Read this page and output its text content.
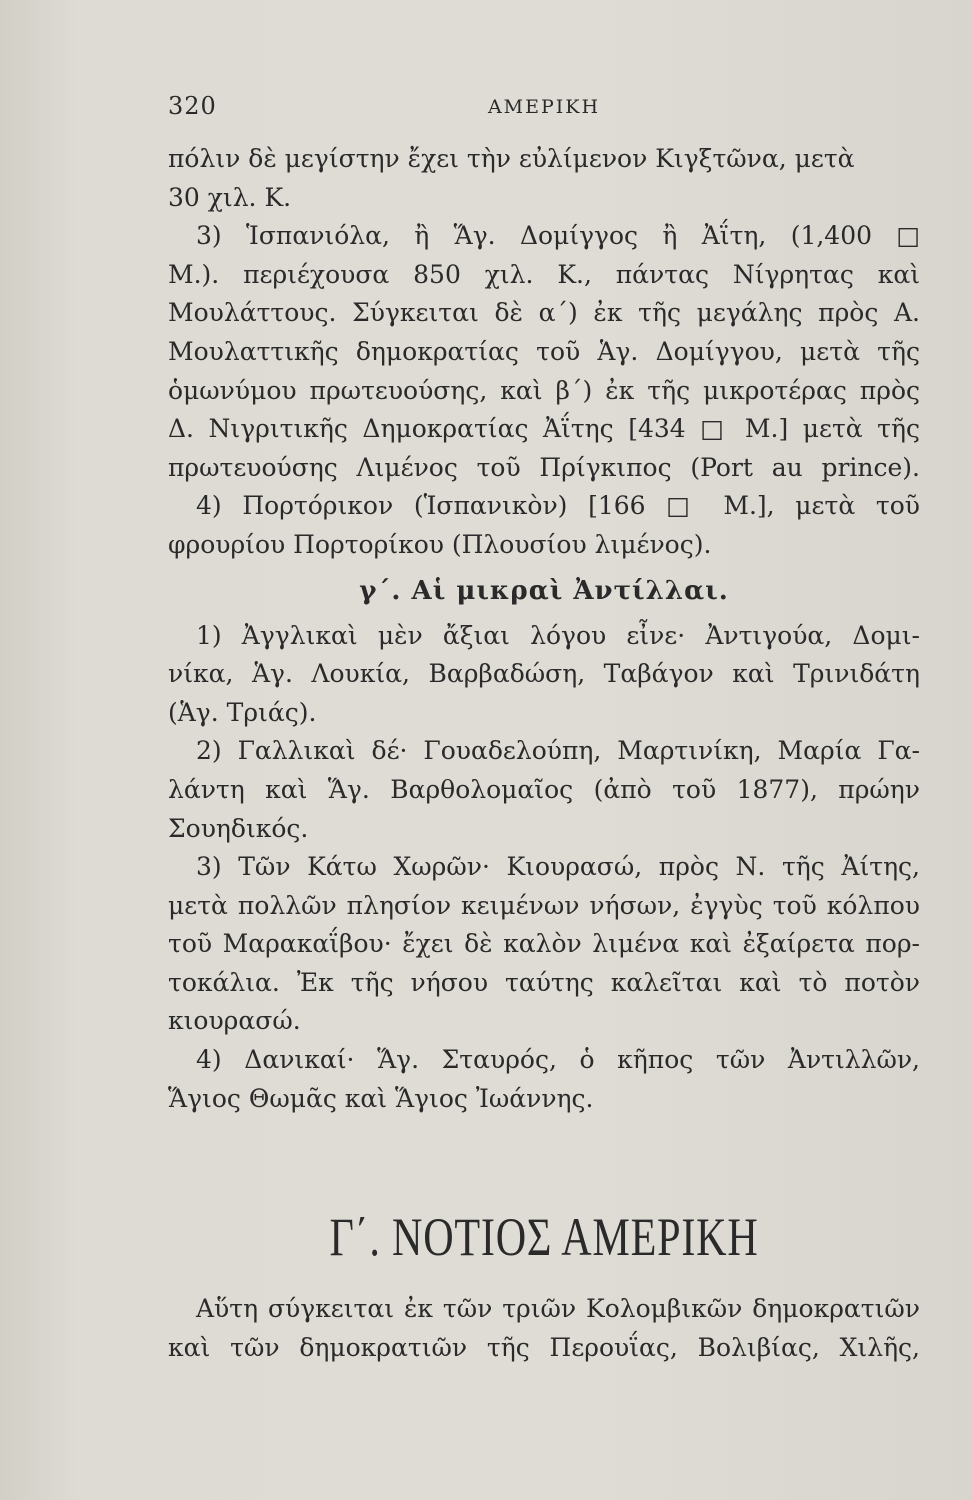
320	ΑΜΕΡΙΚΗ
πόλιν δὲ μεγίστην ἔχει τὴν εὐλίμενον Κιγξτῶνα, μετὰ
30 χιλ. Κ.
3) Ἱσπανιόλα, ἢ Ἅγ. Δομίγγος ἢ Ἀΐτη, (1,400 □
Μ.). περιέχουσα 850 χιλ. Κ., πάντας Νίγρητας καὶ
Μουλάττους. Σύγκειται δὲ α΄) ἐκ τῆς μεγάλης πρὸς Α.
Μουλαττικῆς δημοκρατίας τοῦ Ἁγ. Δομίγγου, μετὰ τῆς
ὁμωνύμου πρωτευούσης, καὶ β΄) ἐκ τῆς μικροτέρας πρὸς
Δ. Νιγριτικῆς Δημοκρατίας Ἀΐτης [434 □ Μ.] μετὰ τῆς
πρωτευούσης Λιμένος τοῦ Πρίγκιπος (Port au prince).
4) Πορτόρικον (Ἱσπανικὸν) [166 □ Μ.], μετὰ τοῦ
φρουρίου Πορτορίκου (Πλουσίου λιμένος).
γ΄. Αἱ μικραὶ Ἀντίλλαι.
1) Ἀγγλικαὶ μὲν ἄξιαι λόγου εἶνε· Ἀντιγούα, Δομι-
νίκα, Ἁγ. Λουκία, Βαρβαδώση, Ταβάγον καὶ Τρινιδάτη
(Ἁγ. Τριάς).
2) Γαλλικαὶ δέ· Γουαδελούπη, Μαρτινίκη, Μαρία Γα-
λάντη καὶ Ἅγ. Βαρθολομαῖος (ἀπὸ τοῦ 1877), πρώην
Σουηδικός.
3) Τῶν Κάτω Χωρῶν· Κιουρασώ, πρὸς Ν. τῆς Ἀίτης,
μετὰ πολλῶν πλησίον κειμένων νήσων, ἐγγὺς τοῦ κόλπου
τοῦ Μαρακαΐβου· ἔχει δὲ καλὸν λιμένα καὶ ἐξαίρετα πορ-
τοκάλια. Ἐκ τῆς νήσου ταύτης καλεῖται καὶ τὸ ποτὸν
κιουρασώ.
4) Δανικαί· Ἅγ. Σταυρός, ὁ κῆπος τῶν Ἀντιλλῶν,
Ἅγιος Θωμᾶς καὶ Ἅγιος Ἰωάννης.
Γ΄. ΝΟΤΙΟΣ ΑΜΕΡΙΚΗ
Αὕτη σύγκειται ἐκ τῶν τριῶν Κολομβικῶν δημοκρατιῶν
καὶ τῶν δημοκρατιῶν τῆς Περουΐας, Βολιβίας, Χιλῆς,
